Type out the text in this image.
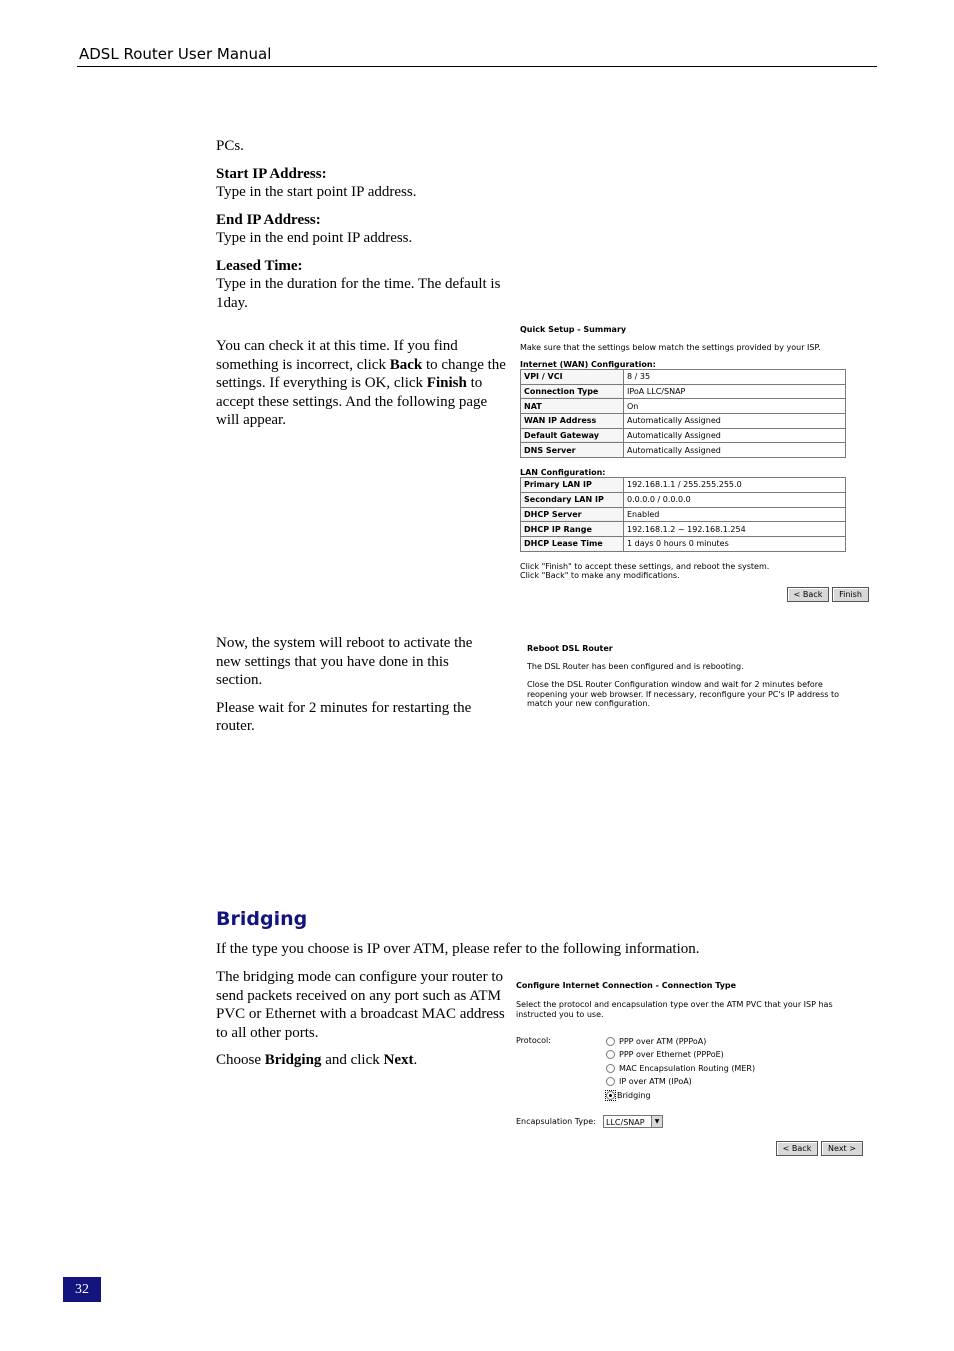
ADSL Router User Manual

PCs.

Start IP Address:

Type in the start point IP address.

End IP Address:

Type in the end point IP address.

Leased Time:

Type in the duration for the time. The default is 1day.

You can check it at this time. If you find something is incorrect, click Back to change the settings. If everything is OK, click Finish to accept these settings. And the following page will appear.
Quick Setup - Summary
Make sure that the settings below match the settings provided by your ISP.
Internet (WAN) Configuration:
VPI / VCI	8 / 35
Connection Type	IPoA LLC/SNAP
NAT	On
WAN IP Address	Automatically Assigned
Default Gateway	Automatically Assigned
DNS Server	Automatically Assigned
LAN Configuration:
Primary LAN IP	192.168.1.1 / 255.255.255.0
Secondary LAN IP	0.0.0.0 / 0.0.0.0
DHCP Server	Enabled
DHCP IP Range	192.168.1.2 ~ 192.168.1.254
DHCP Lease Time	1 days 0 hours 0 minutes
Click "Finish" to accept these settings, and reboot the system.
Click "Back" to make any modifications.
< Back	Finish

Now, the system will reboot to activate the new settings that you have done in this section.

Please wait for 2 minutes for restarting the router.

Reboot DSL Router
The DSL Router has been configured and is rebooting.
Close the DSL Router Configuration window and wait for 2 minutes before reopening your web browser. If necessary, reconfigure your PC's IP address to match your new configuration.
Bridging
If the type you choose is IP over ATM, please refer to the following information.

The bridging mode can configure your router to send packets received on any port such as ATM PVC or Ethernet with a broadcast MAC address to all other ports.

Choose Bridging and click Next.

Configure Internet Connection - Connection Type
Select the protocol and encapsulation type over the ATM PVC that your ISP has instructed you to use.
Protocol:	PPP over ATM (PPPoA)
PPP over Ethernet (PPPoE)
MAC Encapsulation Routing (MER)
IP over ATM (IPoA)
Bridging
Encapsulation Type:	LLC/SNAP	▼
< Back	Next >
32
